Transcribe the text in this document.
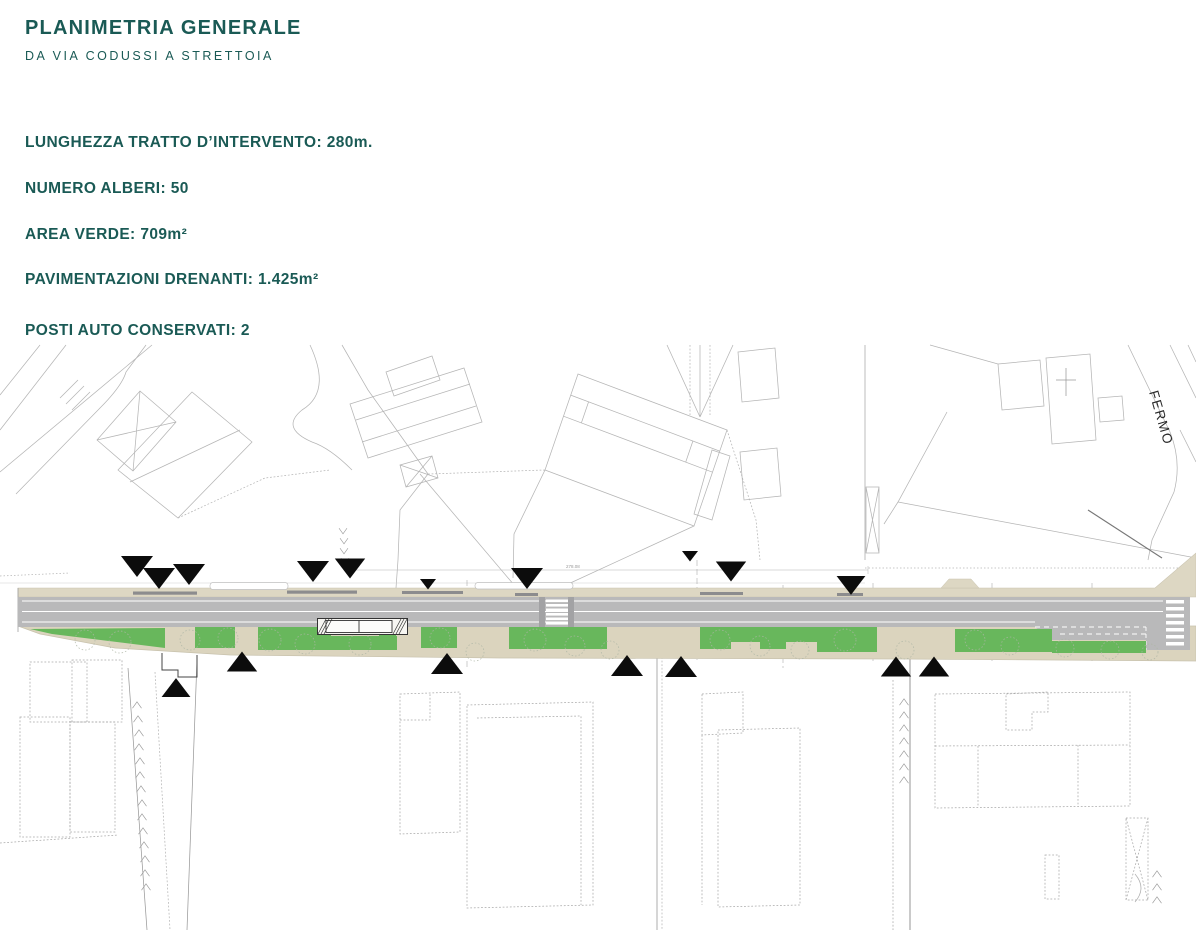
PLANIMETRIA GENERALE
DA VIA CODUSSI A STRETTOIA
LUNGHEZZA TRATTO D’INTERVENTO: 280m.
NUMERO ALBERI: 50
AREA VERDE: 709m²
PAVIMENTAZIONI DRENANTI: 1.425m²
POSTI AUTO CONSERVATI: 2
FERMO
278.08
